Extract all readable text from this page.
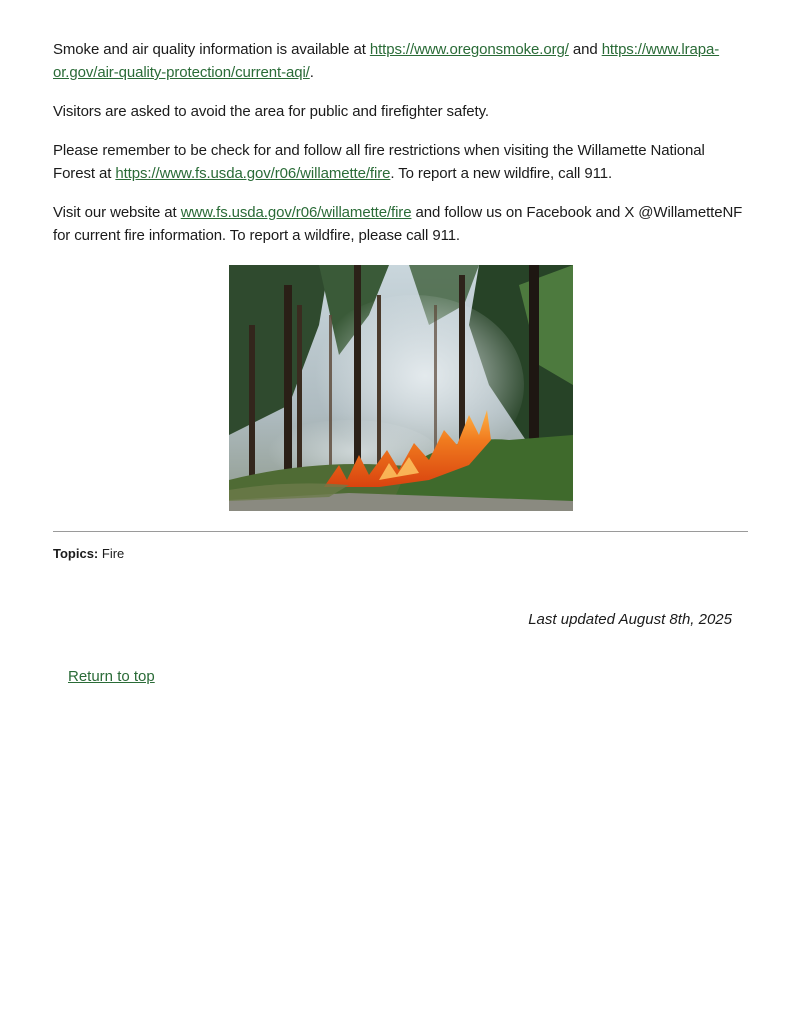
Smoke and air quality information is available at https://www.oregonsmoke.org/ and https://www.lrapa-or.gov/air-quality-protection/current-aqi/.

Visitors are asked to avoid the area for public and firefighter safety.

Please remember to be check for and follow all fire restrictions when visiting the Willamette National Forest at https://www.fs.usda.gov/r06/willamette/fire. To report a new wildfire, call 911.

Visit our website at www.fs.usda.gov/r06/willamette/fire and follow us on Facebook and X @WillametteNF for current fire information. To report a wildfire, please call 911.

Topics: Fire
Last updated August 8th, 2025
Return to top
